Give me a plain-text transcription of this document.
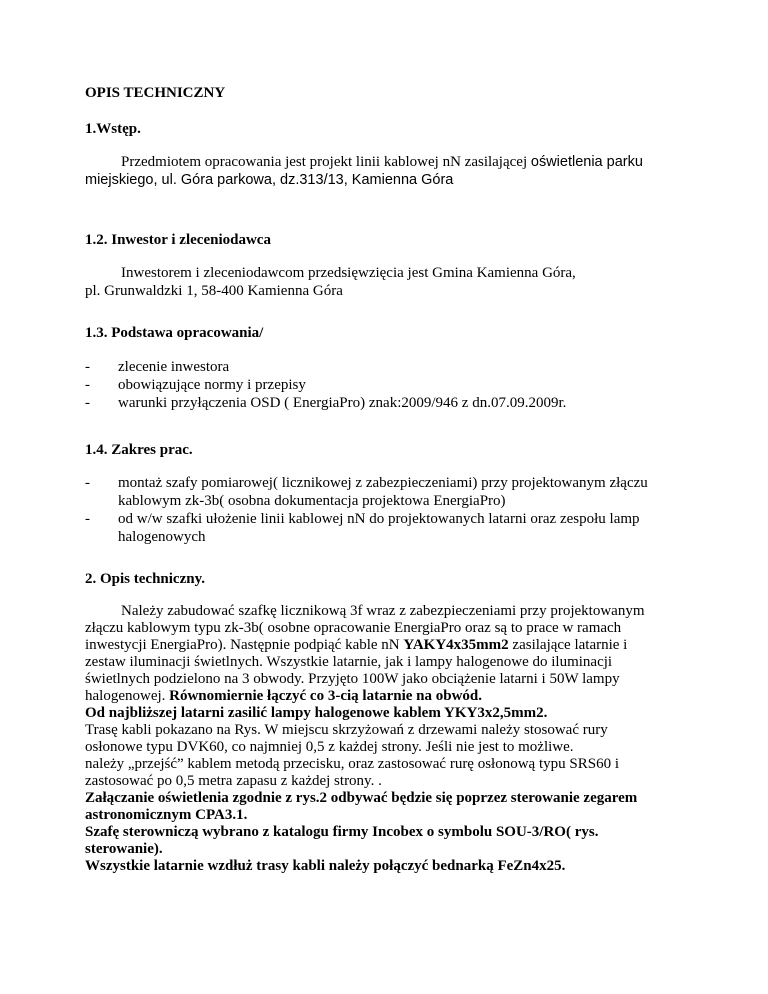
OPIS TECHNICZNY
1.Wstęp.
Przedmiotem opracowania jest projekt linii kablowej nN zasilającej oświetlenia parku
miejskiego, ul. Góra parkowa, dz.313/13, Kamienna Góra
1.2. Inwestor i zleceniodawca
Inwestorem i zleceniodawcom przedsięwzięcia jest Gmina Kamienna Góra,
pl. Grunwaldzki 1, 58-400 Kamienna Góra
1.3. Podstawa opracowania/
- zlecenie inwestora
- obowiązujące normy i przepisy
- warunki przyłączenia OSD ( EnergiaPro) znak:2009/946 z dn.07.09.2009r.
1.4. Zakres prac.
- montaż szafy pomiarowej( licznikowej z zabezpieczeniami) przy projektowanym złączu
kablowym zk-3b( osobna dokumentacja projektowa EnergiaPro)
- od w/w szafki ułożenie linii kablowej nN do projektowanych latarni oraz zespołu lamp
halogenowych
2. Opis techniczny.

Należy zabudować szafkę licznikową 3f wraz z zabezpieczeniami przy projektowanym

złączu kablowym typu zk-3b( osobne opracowanie EnergiaPro oraz są to prace w ramach

inwestycji EnergiaPro). Następnie podpiąć kable nN YAKY4x35mm2 zasilające latarnie i

zestaw iluminacji świetlnych. Wszystkie latarnie, jak i lampy halogenowe do iluminacji

świetlnych podzielono na 3 obwody. Przyjęto 100W jako obciążenie latarni i 50W lampy

halogenowej. Równomiernie łączyć co 3-cią latarnie na obwód.

Od najbliższej latarni zasilić lampy halogenowe kablem YKY3x2,5mm2.

Trasę kabli pokazano na Rys. W miejscu skrzyżowań z drzewami należy stosować rury

osłonowe typu DVK60, co najmniej 0,5 z każdej strony. Jeśli nie jest to możliwe.

należy „przejść” kablem metodą przecisku, oraz zastosować rurę osłonową typu SRS60 i

zastosować po 0,5 metra zapasu z każdej strony. .

Załączanie oświetlenia zgodnie z rys.2 odbywać będzie się poprzez sterowanie zegarem

astronomicznym CPA3.1.

Szafę sterowniczą wybrano z katalogu firmy Incobex o symbolu SOU-3/RO( rys.

sterowanie).

Wszystkie latarnie wzdłuż trasy kabli należy połączyć bednarką FeZn4x25.
